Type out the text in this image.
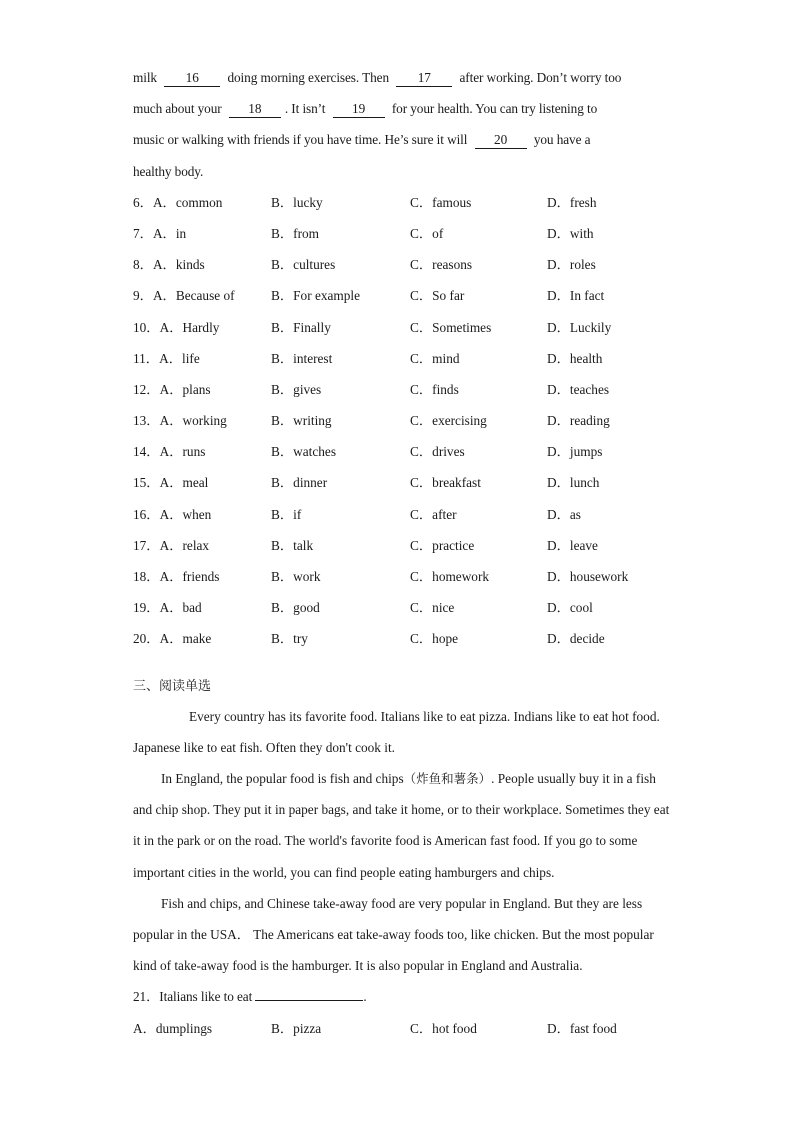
milk 16 doing morning exercises. Then 17 after working. Don’t worry too
much about your 18 . It isn’t 19 for your health. You can try listening to
music or walking with friends if you have time. He’s sure it will 20 you have a
healthy body.
6．A．common	B．lucky	C．famous	D．fresh
7．A．in	B．from	C．of	D．with
8．A．kinds	B．cultures	C．reasons	D．roles
9．A．Because of	B．For example	C．So far	D．In fact
10．A．Hardly	B．Finally	C．Sometimes	D．Luckily
11．A．life	B．interest	C．mind	D．health
12．A．plans	B．gives	C．finds	D．teaches
13．A．working	B．writing	C．exercising	D．reading
14．A．runs	B．watches	C．drives	D．jumps
15．A．meal	B．dinner	C．breakfast	D．lunch
16．A．when	B．if	C．after	D．as
17．A．relax	B．talk	C．practice	D．leave
18．A．friends	B．work	C．homework	D．housework
19．A．bad	B．good	C．nice	D．cool
20．A．make	B．try	C．hope	D．decide
三、阅读单选
Every country has its favorite food. Italians like to eat pizza. Indians like to eat hot food. Japanese like to eat fish. Often they don't cook it.
In England, the popular food is fish and chips（炸鱼和薯条）. People usually buy it in a fish and chip shop. They put it in paper bags, and take it home, or to their workplace. Sometimes they eat it in the park or on the road. The world's favorite food is American fast food. If you go to some important cities in the world, you can find people eating hamburgers and chips.
Fish and chips, and Chinese take-away food are very popular in England. But they are less popular in the USA． The Americans eat take-away foods too, like chicken. But the most popular kind of take-away food is the hamburger. It is also popular in England and Australia.
21．Italians like to eat	.
A．dumplings	B．pizza	C．hot food	D．fast food
